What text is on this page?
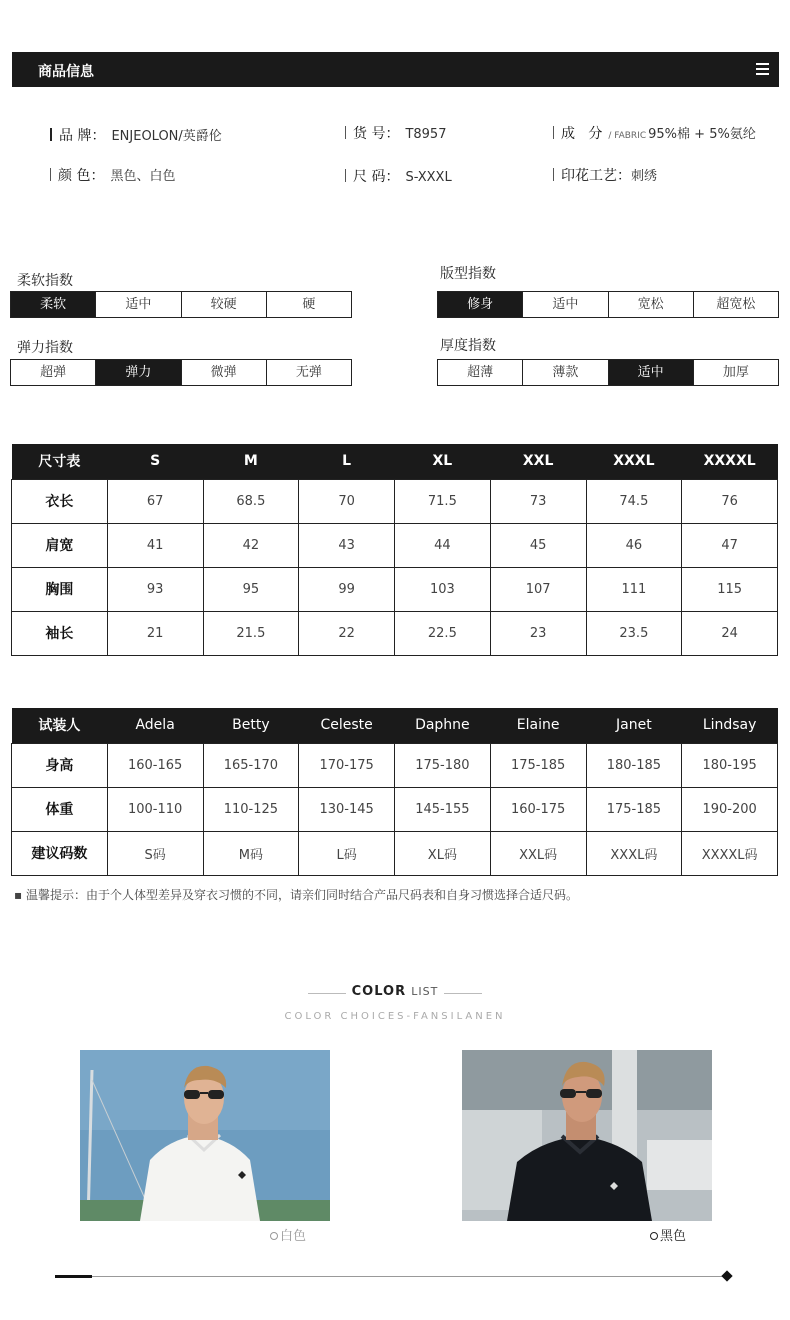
商品信息
品 牌： ENJEOLON/英爵伦	货 号： T8957	成   分 / FABRIC 95%棉 + 5%氨纶
颜 色： 黑色、白色	尺 码： S-XXXL	印花工艺：刺绣
柔软指数
柔软	适中	较硬	硬
弹力指数
超弹	弹力	微弹	无弹
版型指数
修身	适中	宽松	超宽松
厚度指数
超薄	薄款	适中	加厚
尺寸表	S	M	L	XL	XXL	XXXL	XXXXL
衣长	67	68.5	70	71.5	73	74.5	76
肩宽	41	42	43	44	45	46	47
胸围	93	95	99	103	107	111	115
袖长	21	21.5	22	22.5	23	23.5	24
试装人	Adela	Betty	Celeste	Daphne	Elaine	Janet	Lindsay
身高	160-165	165-170	170-175	175-180	175-185	180-185	180-195
体重	100-110	110-125	130-145	145-155	160-175	175-185	190-200
建议码数	S码	M码	L码	XL码	XXL码	XXXL码	XXXXL码
▪ 温馨提示：由于个人体型差异及穿衣习惯的不同，请亲们同时结合产品尺码表和自身习惯选择合适尺码。
COLOR LIST
COLOR CHOICES-FANSILANEN
白色	黑色
